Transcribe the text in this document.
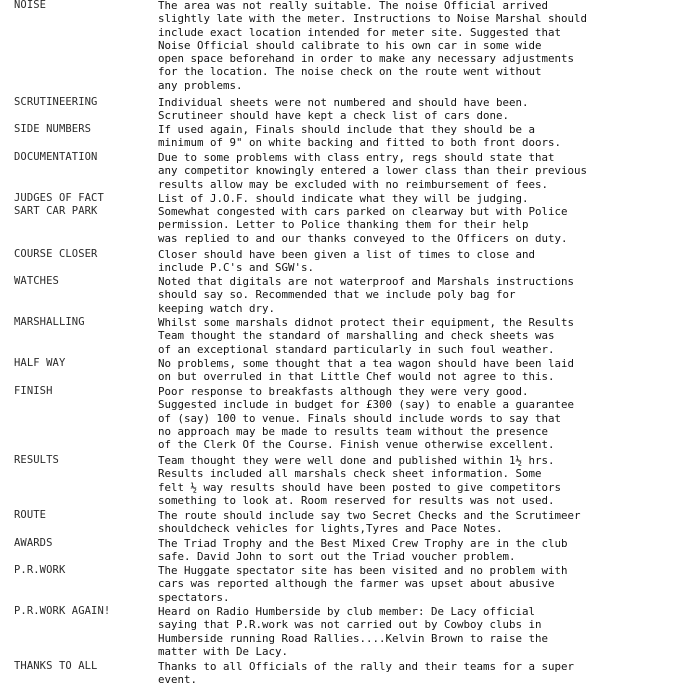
NOISE	The area was not really suitable. The noise Official arrived
slightly late with the meter. Instructions to Noise Marshal should
include exact location intended for meter site. Suggested that
Noise Official should calibrate to his own car in some wide
open space beforehand in order to make any necessary adjustments
for the location. The noise check on the route went without
any problems.
SCRUTINEERING	Individual sheets were not numbered and should have been.
Scrutineer should have kept a check list of cars done.
SIDE NUMBERS	If used again, Finals should include that they should be a
minimum of 9" on white backing and fitted to both front doors.
DOCUMENTATION	Due to some problems with class entry, regs should state that
any competitor knowingly entered a lower class than their previous
results allow may be excluded with no reimbursement of fees.
JUDGES OF FACT	List of J.O.F. should indicate what they will be judging.
SART CAR PARK	Somewhat congested with cars parked on clearway but with Police
permission. Letter to Police thanking them for their help
was replied to and our thanks conveyed to the Officers on duty.
COURSE CLOSER	Closer should have been given a list of times to close and
include P.C's and SGW's.
WATCHES	Noted that digitals are not waterproof and Marshals instructions
should say so. Recommended that we include poly bag for
keeping watch dry.
MARSHALLING	Whilst some marshals didnot protect their equipment, the Results
Team thought the standard of marshalling and check sheets was
of an exceptional standard particularly in such foul weather.
HALF WAY	No problems, some thought that a tea wagon should have been laid
on but overruled in that Little Chef would not agree to this.
FINISH	Poor response to breakfasts although they were very good.
Suggested include in budget for £300 (say) to enable a guarantee
of (say) 100 to venue. Finals should include words to say that
no approach may be made to results team without the presence
of the Clerk Of the Course. Finish venue otherwise excellent.
RESULTS	Team thought they were well done and published within 1½ hrs.
Results included all marshals check sheet information. Some
felt ½ way results should have been posted to give competitors
something to look at. Room reserved for results was not used.
ROUTE	The route should include say two Secret Checks and the Scrutimeer
shouldcheck vehicles for lights,Tyres and Pace Notes.
AWARDS	The Triad Trophy and the Best Mixed Crew Trophy are in the club
safe. David John to sort out the Triad voucher problem.
P.R.WORK	The Huggate spectator site has been visited and no problem with
cars was reported although the farmer was upset about abusive
spectators.
P.R.WORK AGAIN!	Heard on Radio Humberside by club member: De Lacy official
saying that P.R.work was not carried out by Cowboy clubs in
Humberside running Road Rallies....Kelvin Brown to raise the
matter with De Lacy.
THANKS TO ALL	Thanks to all Officials of the rally and their teams for a super
event.
